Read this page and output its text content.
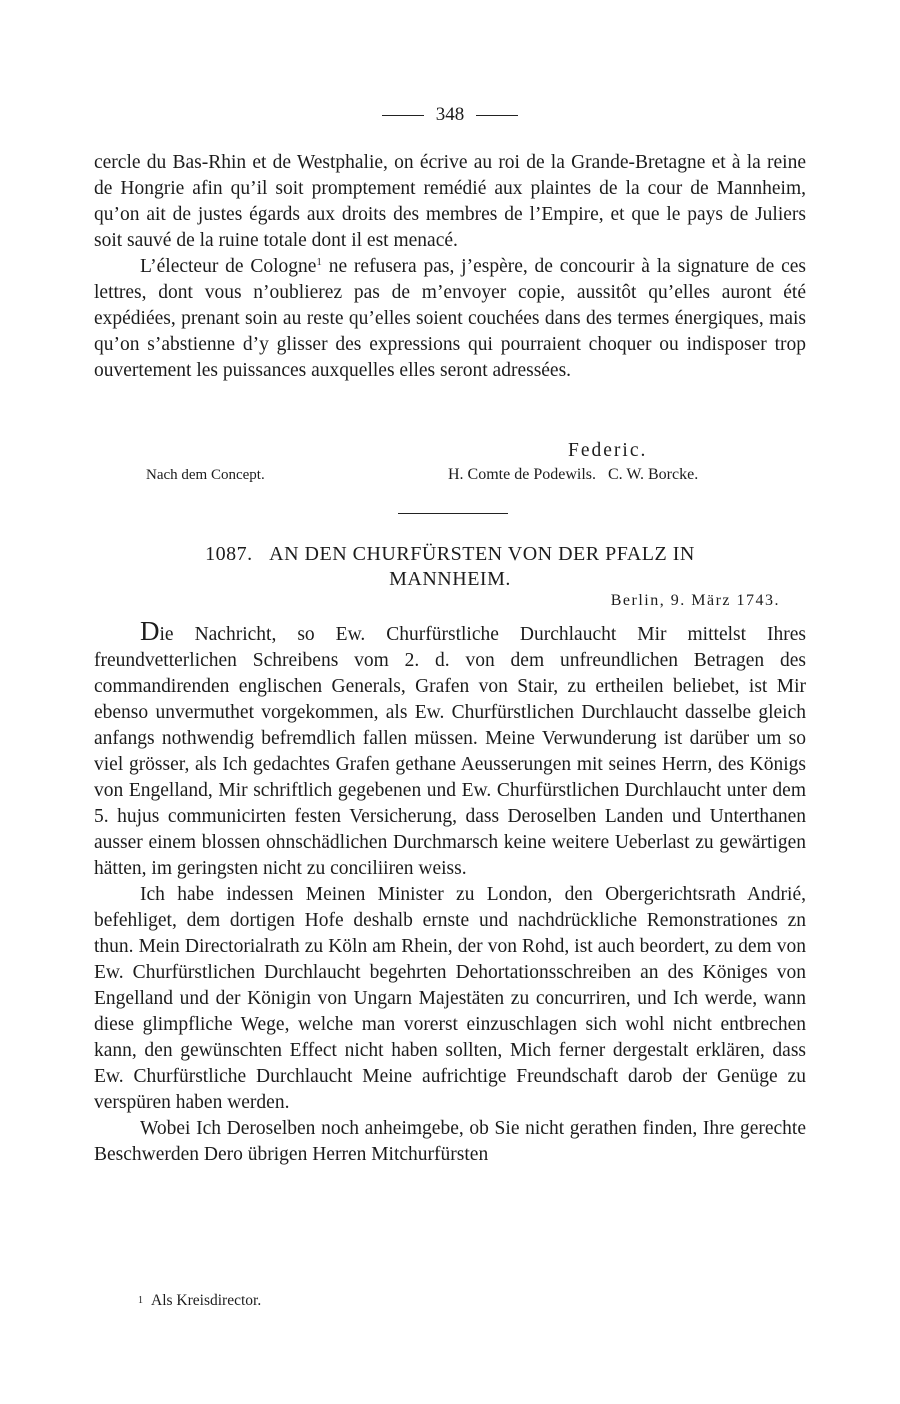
348

cercle du Bas-Rhin et de Westphalie, on écrive au roi de la Grande-Bretagne et à la reine de Hongrie afin qu’il soit promptement remédié aux plaintes de la cour de Mannheim, qu’on ait de justes égards aux droits des membres de l’Empire, et que le pays de Juliers soit sauvé de la ruine totale dont il est menacé.

L’électeur de Cologne$^1$ ne refusera pas, j’espère, de concourir à la signature de ces lettres, dont vous n’oublierez pas de m’envoyer copie, aussitôt qu’elles auront été expédiées, prenant soin au reste qu’elles soient couchées dans des termes énergiques, mais qu’on s’abstienne d’y glisser des expressions qui pourraient choquer ou indisposer trop ouvertement les puissances auxquelles elles seront adressées.

Federic.
Nach dem Concept.	H. Comte de Podewils.   C. W. Borcke.
1087. AN DEN CHURFÜRSTEN VON DER PFALZ IN
MANNHEIM.
Berlin, 9. März 1743.

Die Nachricht, so Ew. Churfürstliche Durchlaucht Mir mittelst Ihres freundvetterlichen Schreibens vom 2. d. von dem unfreundlichen Betragen des commandirenden englischen Generals, Grafen von Stair, zu ertheilen beliebet, ist Mir ebenso unvermuthet vorgekommen, als Ew. Churfürstlichen Durchlaucht dasselbe gleich anfangs nothwendig befremdlich fallen müssen. Meine Verwunderung ist darüber um so viel grösser, als Ich gedachtes Grafen gethane Aeusserungen mit seines Herrn, des Königs von Engelland, Mir schriftlich gegebenen und Ew. Churfürstlichen Durchlaucht unter dem 5. hujus communicirten festen Versicherung, dass Deroselben Landen und Unterthanen ausser einem blossen ohnschädlichen Durchmarsch keine weitere Ueberlast zu gewärtigen hätten, im geringsten nicht zu conciliiren weiss.

Ich habe indessen Meinen Minister zu London, den Obergerichtsrath Andrié, befehliget, dem dortigen Hofe deshalb ernste und nachdrückliche Remonstrationes zn thun. Mein Directorialrath zu Köln am Rhein, der von Rohd, ist auch beordert, zu dem von Ew. Churfürstlichen Durchlaucht begehrten Dehortationsschreiben an des Königes von Engelland und der Königin von Ungarn Majestäten zu concurriren, und Ich werde, wann diese glimpfliche Wege, welche man vorerst einzuschlagen sich wohl nicht entbrechen kann, den gewünschten Effect nicht haben sollten, Mich ferner dergestalt erklären, dass Ew. Churfürstliche Durchlaucht Meine aufrichtige Freundschaft darob der Genüge zu verspüren haben werden.

Wobei Ich Deroselben noch anheimgebe, ob Sie nicht gerathen finden, Ihre gerechte Beschwerden Dero übrigen Herren Mitchurfürsten

$^1$ Als Kreisdirector.
